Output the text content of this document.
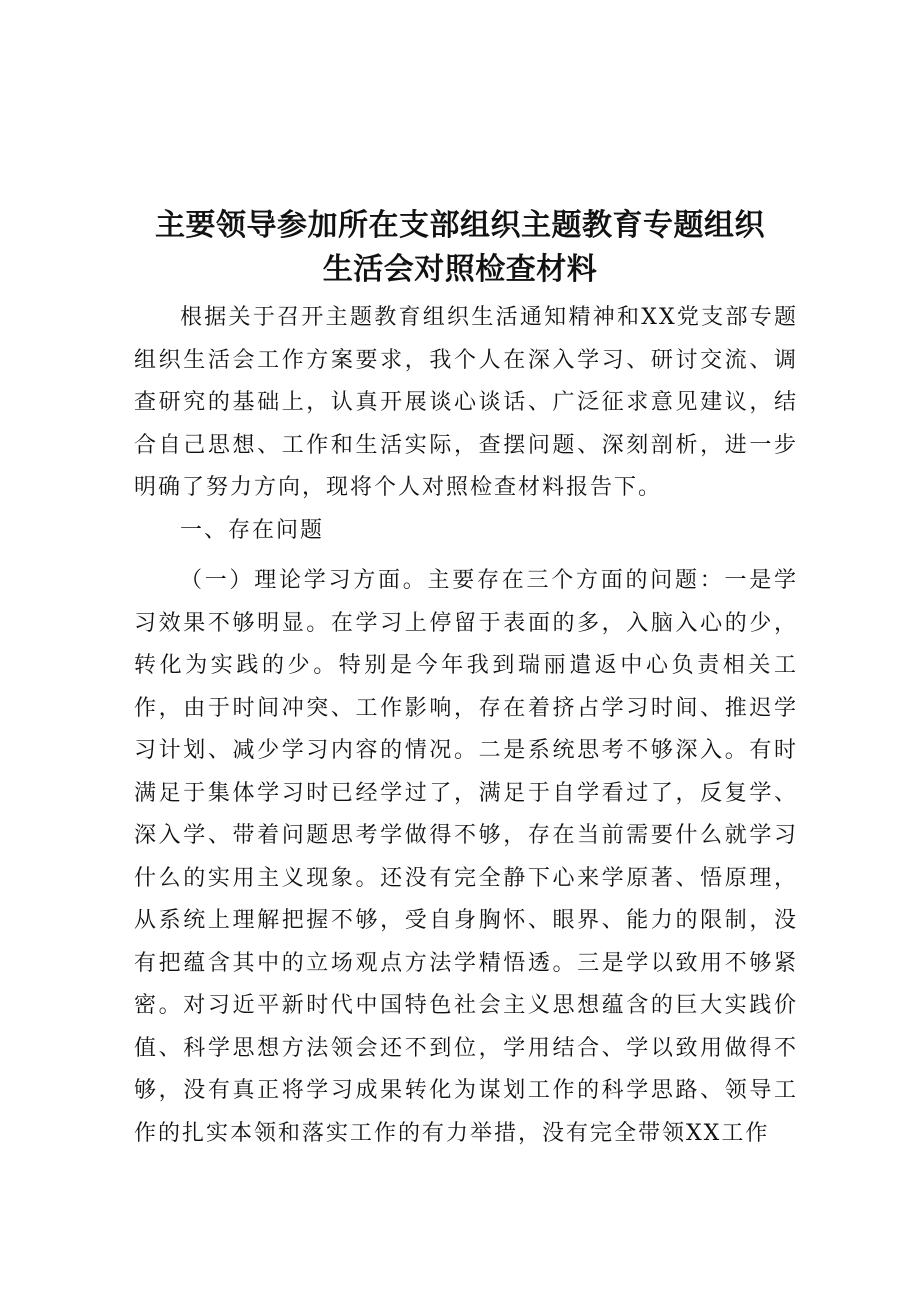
主要领导参加所在支部组织主题教育专题组织
生活会对照检查材料

根据关于召开主题教育组织生活通知精神和XX党支部专题组织生活会工作方案要求，我个人在深入学习、研讨交流、调查研究的基础上，认真开展谈心谈话、广泛征求意见建议，结合自己思想、工作和生活实际，查摆问题、深刻剖析，进一步明确了努力方向，现将个人对照检查材料报告下。

一、存在问题

（一）理论学习方面。主要存在三个方面的问题：一是学习效果不够明显。在学习上停留于表面的多，入脑入心的少，转化为实践的少。特别是今年我到瑞丽遣返中心负责相关工作，由于时间冲突、工作影响，存在着挤占学习时间、推迟学习计划、减少学习内容的情况。二是系统思考不够深入。有时满足于集体学习时已经学过了，满足于自学看过了，反复学、深入学、带着问题思考学做得不够，存在当前需要什么就学习什么的实用主义现象。还没有完全静下心来学原著、悟原理，从系统上理解把握不够，受自身胸怀、眼界、能力的限制，没有把蕴含其中的立场观点方法学精悟透。三是学以致用不够紧密。对习近平新时代中国特色社会主义思想蕴含的巨大实践价值、科学思想方法领会还不到位，学用结合、学以致用做得不够，没有真正将学习成果转化为谋划工作的科学思路、领导工作的扎实本领和落实工作的有力举措，没有完全带领XX工作
